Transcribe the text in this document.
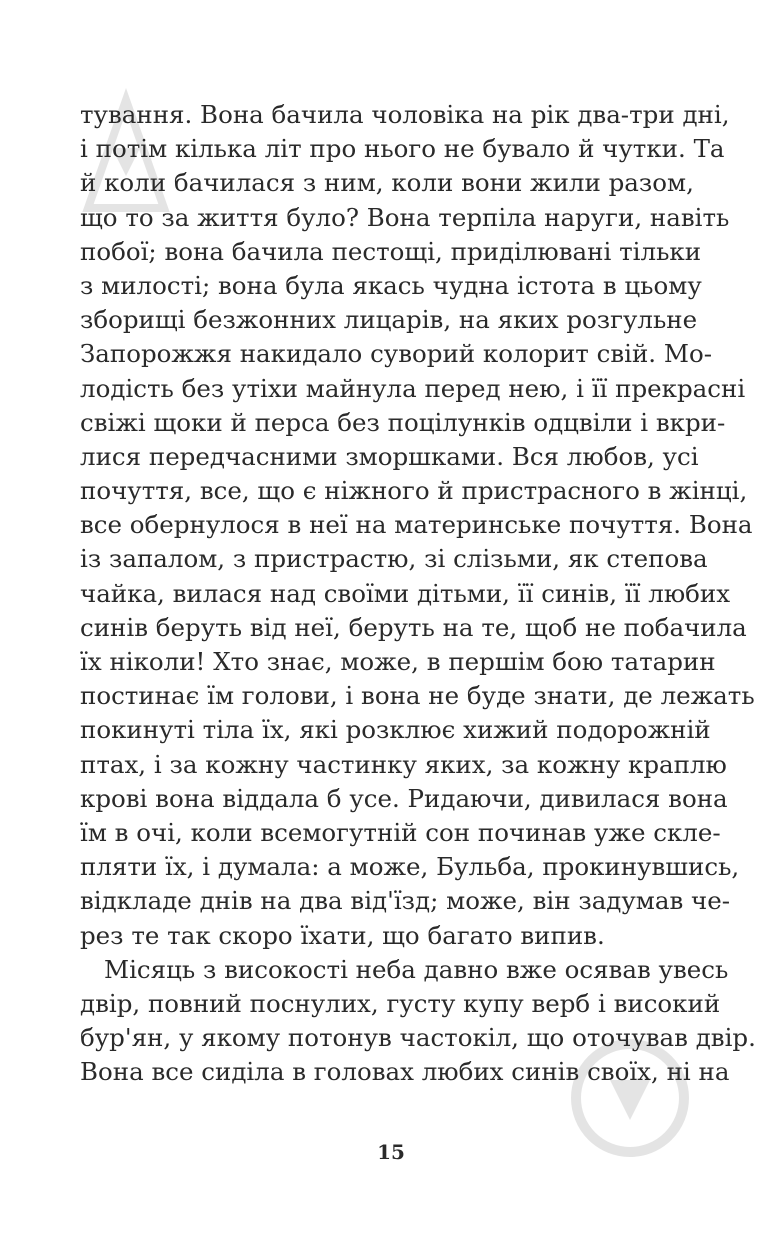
тування. Вона бачила чоловіка на рік два-три дні,
і потім кілька літ про нього не бувало й чутки. Та
й коли бачилася з ним, коли вони жили разом,
що то за життя було? Вона терпіла наруги, навіть
побої; вона бачила пестощі, приділювані тільки
з милості; вона була якась чудна істота в цьому
зборищі безжонних лицарів, на яких розгульне
Запорожжя накидало суворий колорит свій. Мо-
лодість без утіхи майнула перед нею, і її прекрасні
свіжі щоки й перса без поцілунків одцвіли і вкри-
лися передчасними зморшками. Вся любов, усі
почуття, все, що є ніжного й пристрасного в жінці,
все обернулося в неї на материнське почуття. Вона
із запалом, з пристрастю, зі слізьми, як степова
чайка, вилася над своїми дітьми, її синів, її любих
синів беруть від неї, беруть на те, щоб не побачила
їх ніколи! Хто знає, може, в першім бою татарин
постинає їм голови, і вона не буде знати, де лежать
покинуті тіла їх, які розклює хижий подорожній
птах, і за кожну частинку яких, за кожну краплю
крові вона віддала б усе. Ридаючи, дивилася вона
їм в очі, коли всемогутній сон починав уже скле-
пляти їх, і думала: а може, Бульба, прокинувшись,
відкладе днів на два від'їзд; може, він задумав че-
рез те так скоро їхати, що багато випив.
Місяць з високості неба давно вже осявав увесь
двір, повний поснулих, густу купу верб і високий
бур'ян, у якому потонув частокіл, що оточував двір.
Вона все сиділа в головах любих синів своїх, ні на
15
